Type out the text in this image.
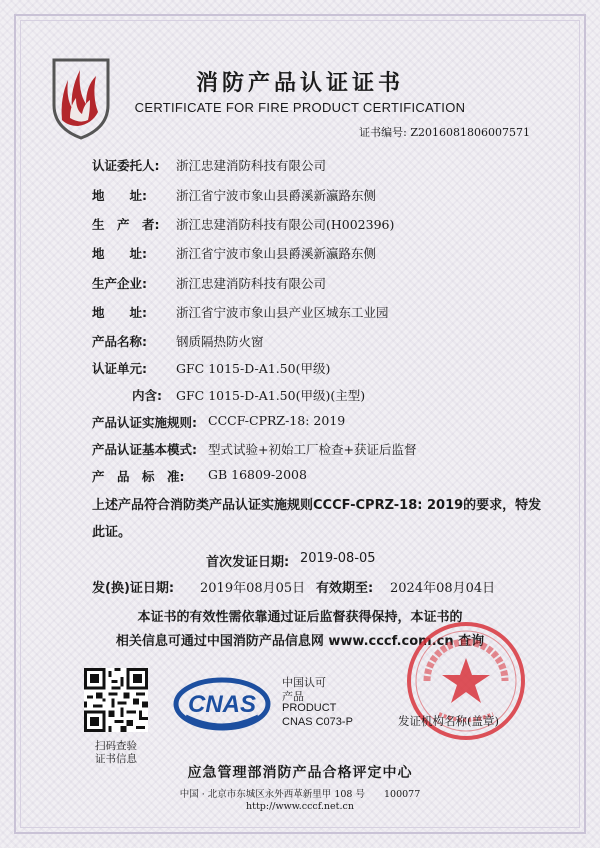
消防产品认证证书
CERTIFICATE FOR FIRE PRODUCT CERTIFICATION
证书编号: Z2016081806007571
认证委托人: 浙江忠建消防科技有限公司
地　　址: 浙江省宁波市象山县爵溪新瀛路东侧
生　产　者: 浙江忠建消防科技有限公司(H002396)
地　　址: 浙江省宁波市象山县爵溪新瀛路东侧
生产企业: 浙江忠建消防科技有限公司
地　　址: 浙江省宁波市象山县产业区城东工业园
产品名称: 钢质隔热防火窗
认证单元: GFC 1015-D-A1.50(甲级)
内含: GFC 1015-D-A1.50(甲级)(主型)
产品认证实施规则: CCCF-CPRZ-18: 2019
产品认证基本模式: 型式试验+初始工厂检查+获证后监督
产　品　标　准: GB 16809-2008
上述产品符合消防类产品认证实施规则CCCF-CPRZ-18: 2019的要求，特发
此证。
首次发证日期: 2019-08-05
发(换)证日期: 2019年08月05日 有效期至: 2024年08月04日
本证书的有效性需依靠通过证后监督获得保持，本证书的
相关信息可通过中国消防产品信息网 www.cccf.com.cn 查询
扫码查验
证书信息
CNAS
中国认可
产品
PRODUCT
CNAS C073-P	发证机构名称(盖章)
应急管理部消防产品合格评定中心
中国 · 北京市东城区永外西革新里甲 108 号　　100077
http://www.cccf.net.cn
